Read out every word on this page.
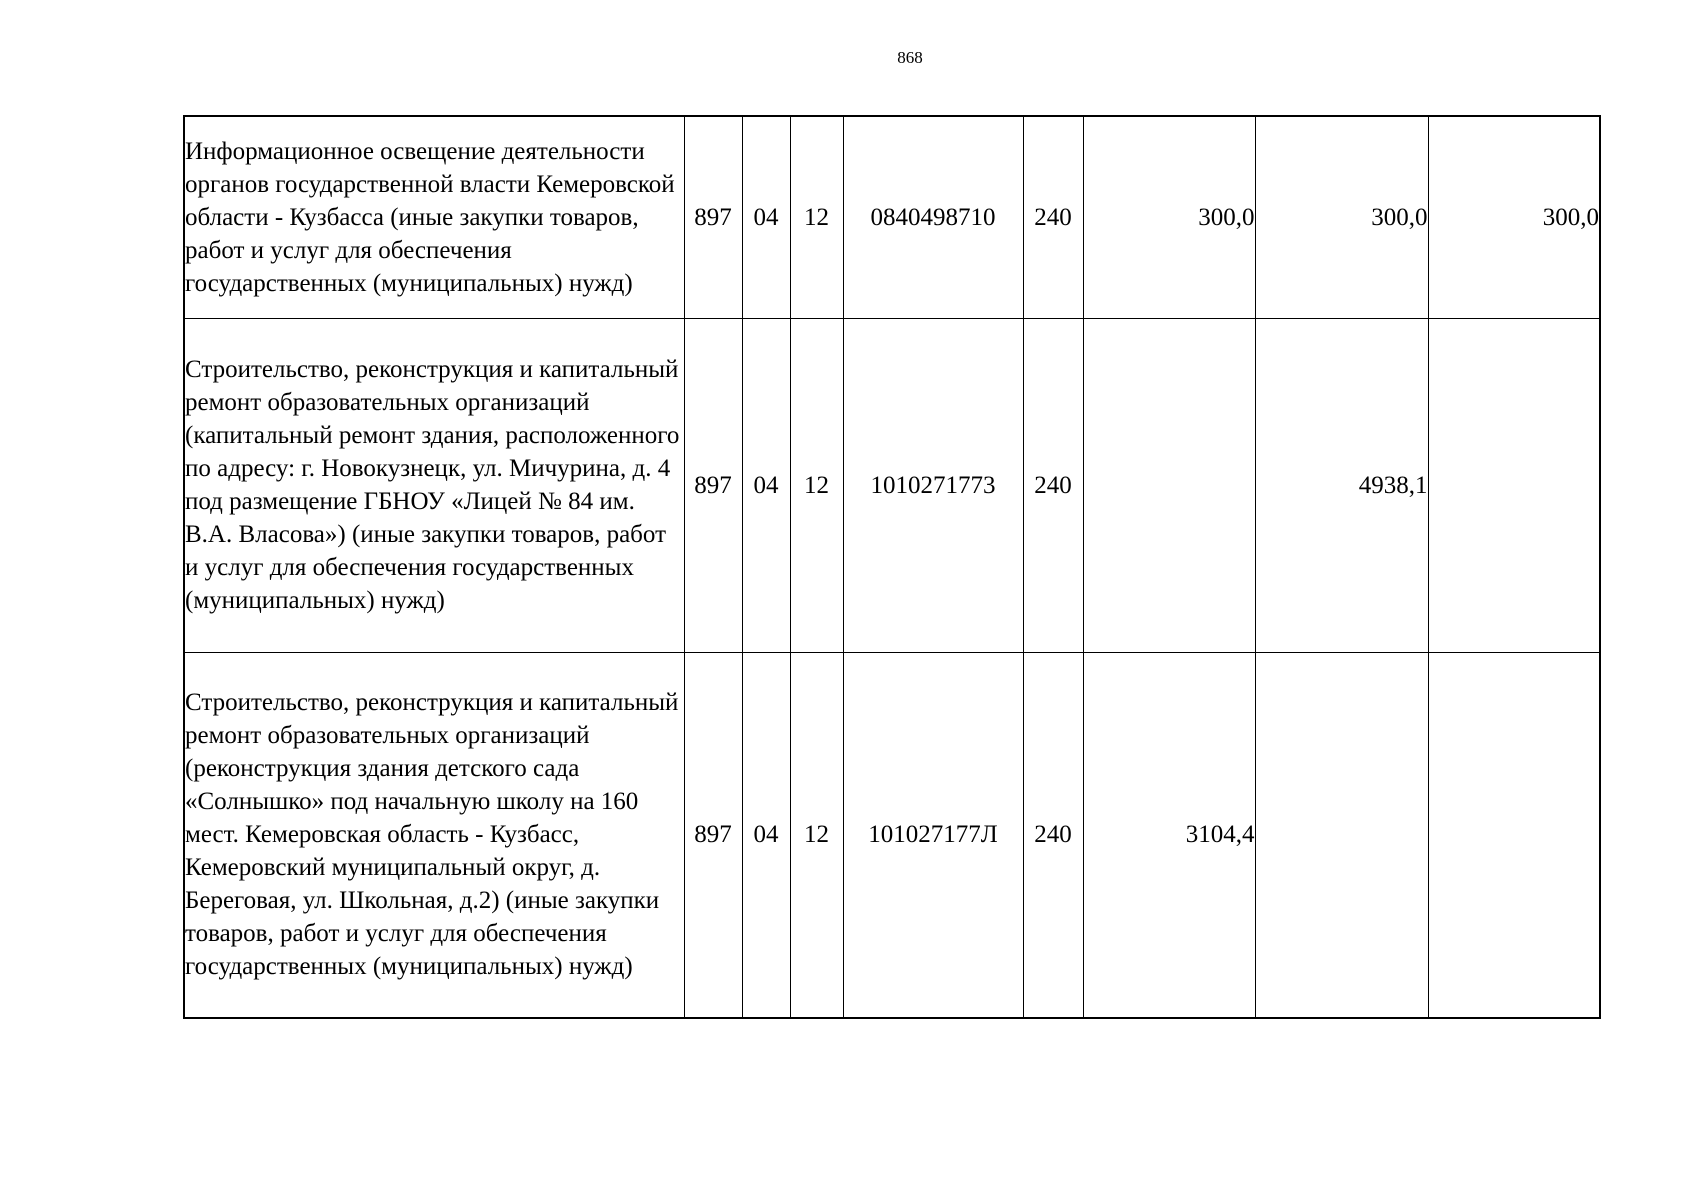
868
Информационное освещение деятельности органов государственной власти Кемеровской области - Кузбасса (иные закупки товаров, работ и услуг для обеспечения государственных (муниципальных) нужд)	897	04	12	0840498710	240	300,0	300,0	300,0

Строительство, реконструкция и капитальный ремонт образовательных организаций (капитальный ремонт здания, расположенного по адресу: г. Новокузнецк, ул. Мичурина, д. 4 под размещение ГБНОУ «Лицей № 84 им. В.А. Власова») (иные закупки товаров, работ и услуг для обеспечения государственных (муниципальных) нужд)	897	04	12	1010271773	240		4938,1	

Строительство, реконструкция и капитальный ремонт образовательных организаций (реконструкция здания детского сада «Солнышко» под начальную школу на 160 мест. Кемеровская область - Кузбасс, Кемеровский муниципальный округ, д. Береговая, ул. Школьная, д.2) (иные закупки товаров, работ и услуг для обеспечения государственных (муниципальных) нужд)	897	04	12	101027177Л	240	3104,4		
